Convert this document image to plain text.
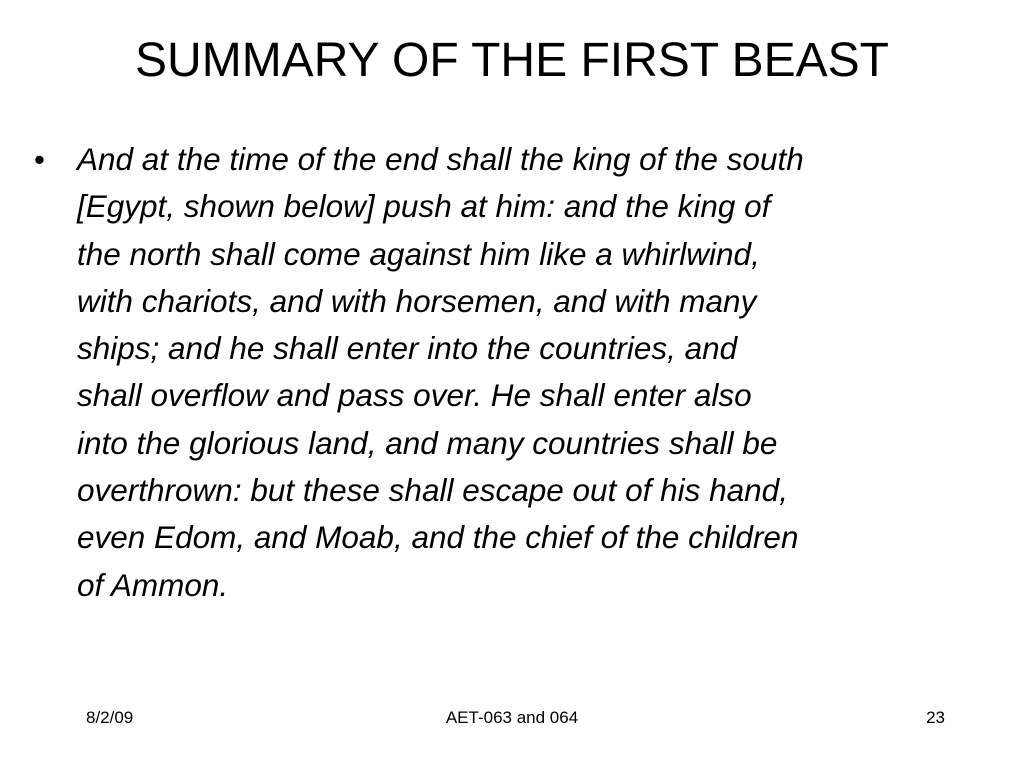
SUMMARY OF THE FIRST BEAST
•	And at the time of the end shall the king of the south
[Egypt, shown below] push at him: and the king of
the north shall come against him like a whirlwind,
with chariots, and with horsemen, and with many
ships; and he shall enter into the countries, and
shall overflow and pass over. He shall enter also
into the glorious land, and many countries shall be
overthrown: but these shall escape out of his hand,
even Edom, and Moab, and the chief of the children
of Ammon.

8/2/09	AET-063 and 064	23
